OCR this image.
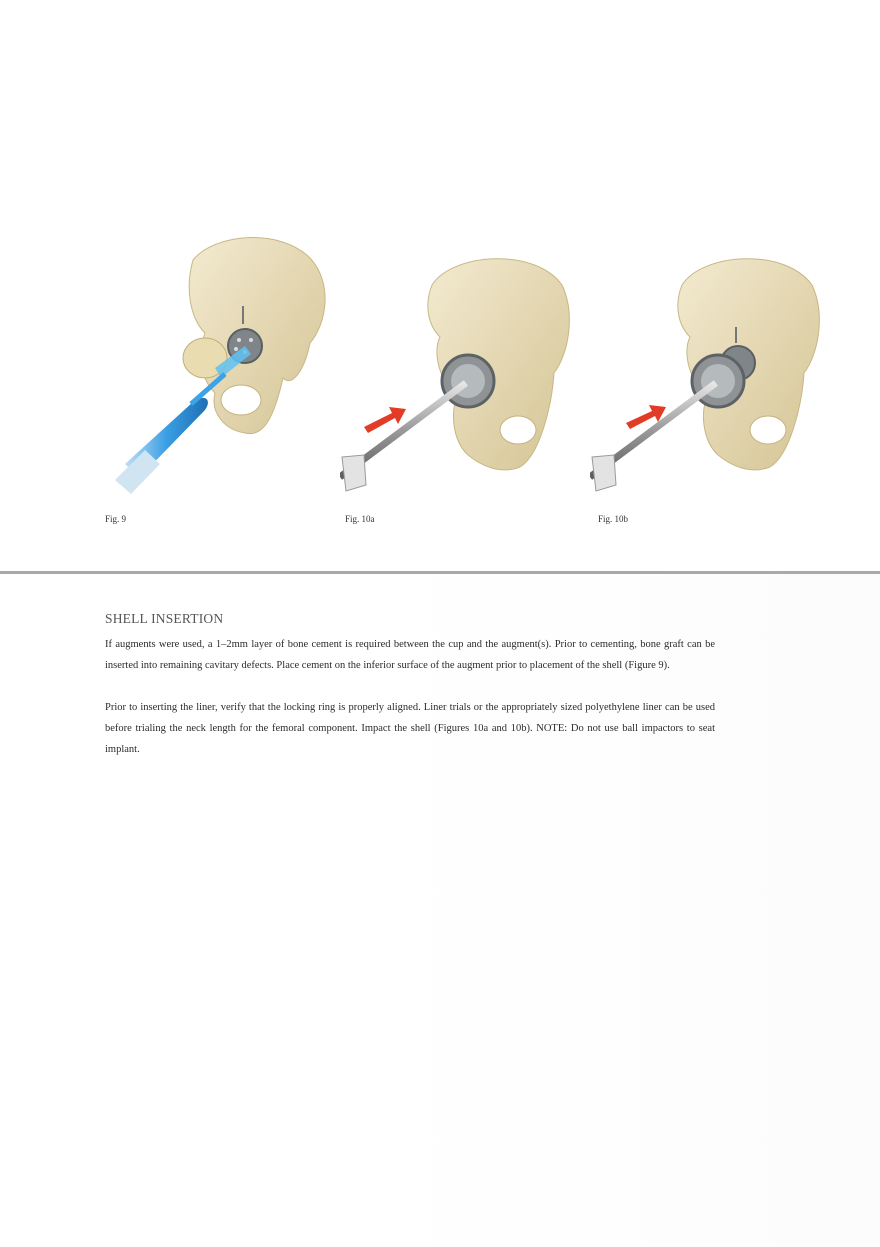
Fig. 9	Fig. 10a	Fig. 10b
SHELL INSERTION

If augments were used, a 1–2mm layer of bone cement is required between the cup and the augment(s). Prior to cementing, bone graft can be inserted into remaining cavitary defects. Place cement on the inferior surface of the augment prior to placement of the shell (Figure 9).

Prior to inserting the liner, verify that the locking ring is properly aligned. Liner trials or the appropriately sized polyethylene liner can be used before trialing the neck length for the femoral component. Impact the shell (Figures 10a and 10b). NOTE: Do not use ball impactors to seat implant.
